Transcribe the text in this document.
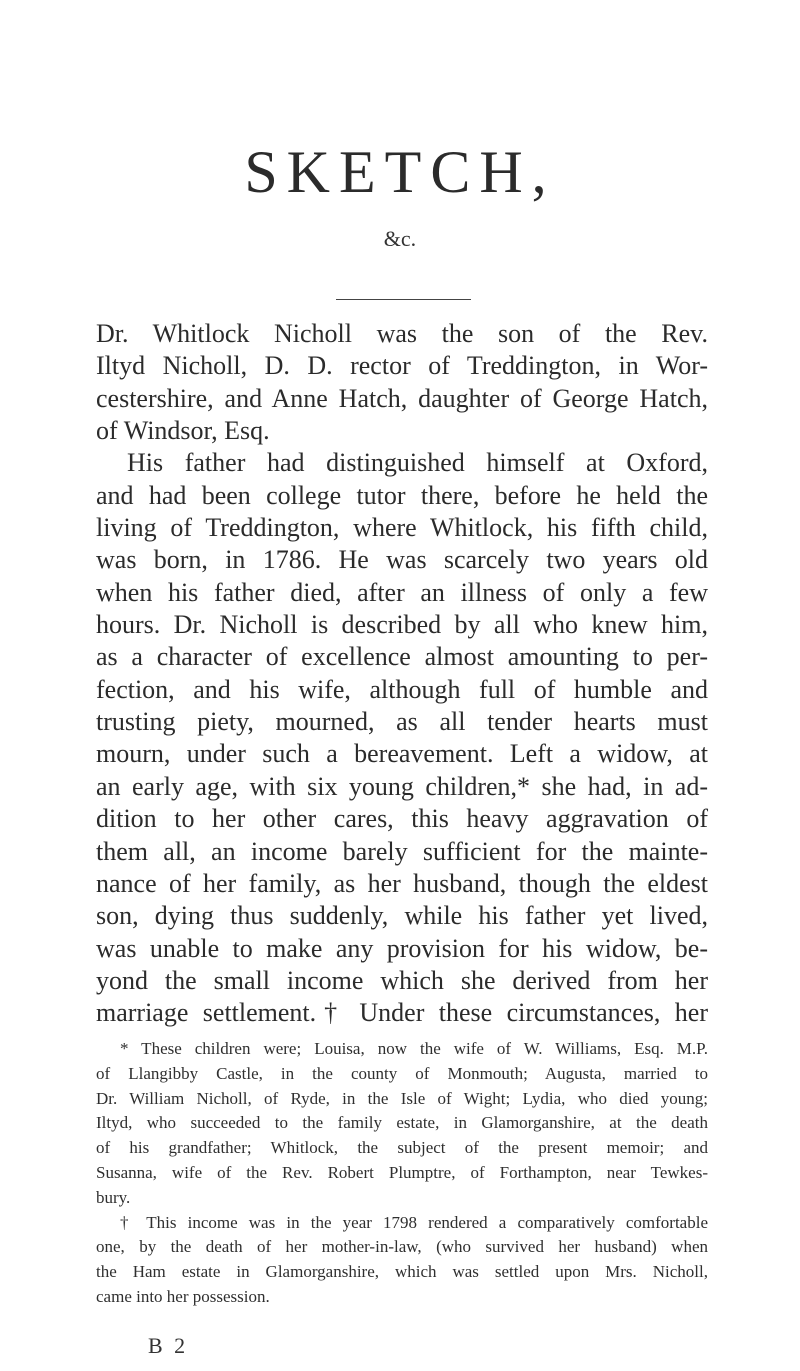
SKETCH,
&c.
Dr. Whitlock Nicholl was the son of the Rev.
Iltyd Nicholl, D. D. rector of Treddington, in Wor-
cestershire, and Anne Hatch, daughter of George Hatch,
of Windsor, Esq.
His father had distinguished himself at Oxford,
and had been college tutor there, before he held the
living of Treddington, where Whitlock, his fifth child,
was born, in 1786. He was scarcely two years old
when his father died, after an illness of only a few
hours. Dr. Nicholl is described by all who knew him,
as a character of excellence almost amounting to per-
fection, and his wife, although full of humble and
trusting piety, mourned, as all tender hearts must
mourn, under such a bereavement. Left a widow, at
an early age, with six young children,* she had, in ad-
dition to her other cares, this heavy aggravation of
them all, an income barely sufficient for the mainte-
nance of her family, as her husband, though the eldest
son, dying thus suddenly, while his father yet lived,
was unable to make any provision for his widow, be-
yond the small income which she derived from her
marriage settlement.† Under these circumstances, her
* These children were; Louisa, now the wife of W. Williams, Esq. M.P.
of Llangibby Castle, in the county of Monmouth; Augusta, married to
Dr. William Nicholl, of Ryde, in the Isle of Wight; Lydia, who died young;
Iltyd, who succeeded to the family estate, in Glamorganshire, at the death
of his grandfather; Whitlock, the subject of the present memoir; and
Susanna, wife of the Rev. Robert Plumptre, of Forthampton, near Tewkes-
bury.
† This income was in the year 1798 rendered a comparatively comfortable
one, by the death of her mother-in-law, (who survived her husband) when
the Ham estate in Glamorganshire, which was settled upon Mrs. Nicholl,
came into her possession.
B 2
